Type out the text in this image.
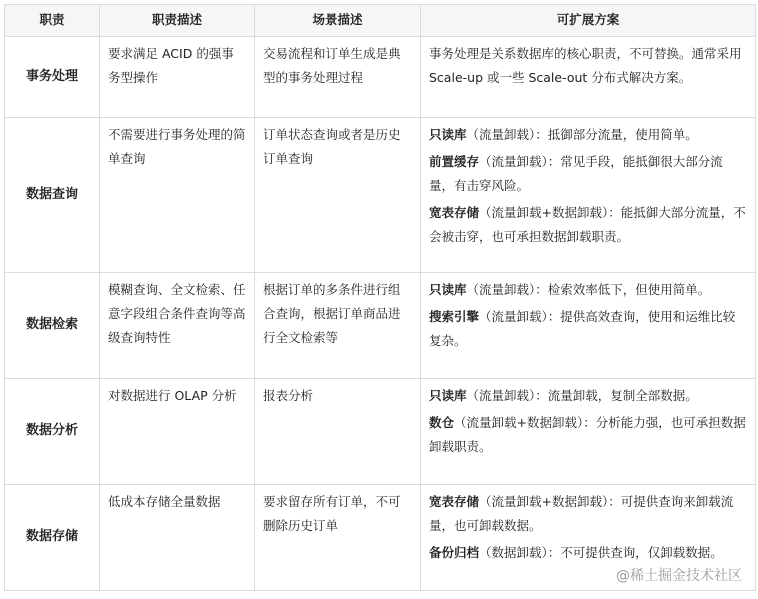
职责	职责描述	场景描述	可扩展方案
事务处理	要求满足 ACID 的强事务型操作	交易流程和订单生成是典型的事务处理过程	事务处理是关系数据库的核心职责，不可替换。通常采用 Scale-up 或一些 Scale-out 分布式解决方案。

数据查询	不需要进行事务处理的简单查询	订单状态查询或者是历史订单查询	只读库（流量卸载）：抵御部分流量，使用简单。
前置缓存（流量卸载）：常见手段，能抵御很大部分流量，有击穿风险。
宽表存储（流量卸载+数据卸载）：能抵御大部分流量，不会被击穿，也可承担数据卸载职责。

数据检索	模糊查询、全文检索、任意字段组合条件查询等高级查询特性	根据订单的多条件进行组合查询，根据订单商品进行全文检索等	只读库（流量卸载）：检索效率低下，但使用简单。
搜索引擎（流量卸载）：提供高效查询，使用和运维比较复杂。

数据分析	对数据进行 OLAP 分析	报表分析	只读库（流量卸载）：流量卸载，复制全部数据。
数仓（流量卸载+数据卸载）：分析能力强，也可承担数据卸载职责。

数据存储	低成本存储全量数据	要求留存所有订单，不可删除历史订单	宽表存储（流量卸载+数据卸载）：可提供查询来卸载流量，也可卸载数据。
备份归档（数据卸载）：不可提供查询，仅卸载数据。
@稀土掘金技术社区
